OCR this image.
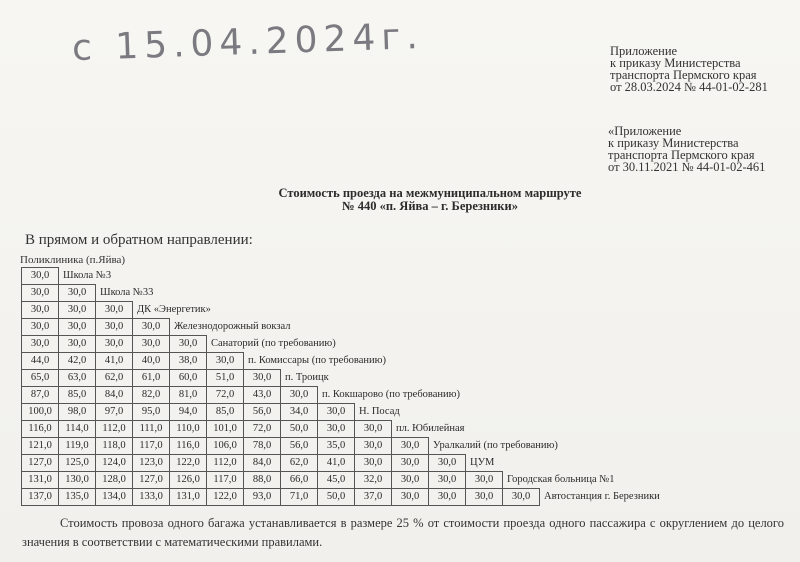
с 15.04.2024г.	Приложение
к приказу Министерства
транспорта Пермского края
от 28.03.2024 № 44-01-02-281
«Приложение
к приказу Министерства
транспорта Пермского края
от 30.11.2021 № 44-01-02-461
Стоимость проезда на межмуниципальном маршруте
№ 440 «п. Яйва – г. Березники»
В прямом и обратном направлении:
Поликлиника (п.Яйва)
30,0	Школа №3													
30,0	30,0	Школа №33												
30,0	30,0	30,0	ДК «Энергетик»											
30,0	30,0	30,0	30,0	Железнодорожный вокзал										
30,0	30,0	30,0	30,0	30,0	Санаторий (по требованию)									
44,0	42,0	41,0	40,0	38,0	30,0	п. Комиссары (по требованию)								
65,0	63,0	62,0	61,0	60,0	51,0	30,0	п. Троицк							
87,0	85,0	84,0	82,0	81,0	72,0	43,0	30,0	п. Кокшарово (по требованию)						
100,0	98,0	97,0	95,0	94,0	85,0	56,0	34,0	30,0	Н. Посад					
116,0	114,0	112,0	111,0	110,0	101,0	72,0	50,0	30,0	30,0	пл. Юбилейная				
121,0	119,0	118,0	117,0	116,0	106,0	78,0	56,0	35,0	30,0	30,0	Уралкалий (по требованию)			
127,0	125,0	124,0	123,0	122,0	112,0	84,0	62,0	41,0	30,0	30,0	30,0	ЦУМ		
131,0	130,0	128,0	127,0	126,0	117,0	88,0	66,0	45,0	32,0	30,0	30,0	30,0	Городская больница №1	
137,0	135,0	134,0	133,0	131,0	122,0	93,0	71,0	50,0	37,0	30,0	30,0	30,0	30,0	Автостанция г. Березники
Стоимость провоза одного багажа устанавливается в размере 25 % от стоимости проезда одного пассажира с округлением до целого значения в соответствии с математическими правилами.
